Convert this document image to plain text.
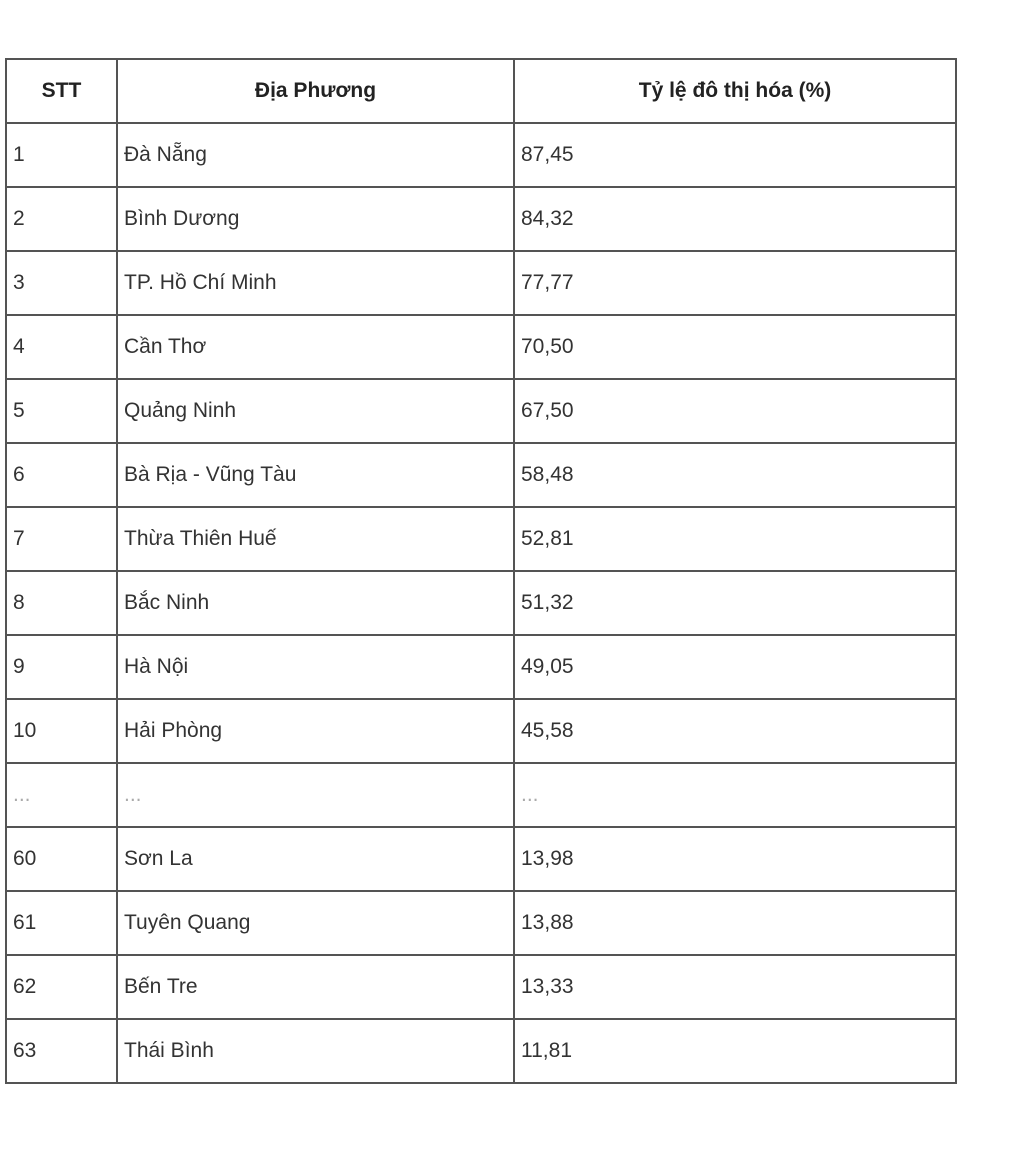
STT	Địa Phương	Tỷ lệ đô thị hóa (%)
1	Đà Nẵng	87,45
2	Bình Dương	84,32
3	TP. Hồ Chí Minh	77,77
4	Cần Thơ	70,50
5	Quảng Ninh	67,50
6	Bà Rịa - Vũng Tàu	58,48
7	Thừa Thiên Huế	52,81
8	Bắc Ninh	51,32
9	Hà Nội	49,05
10	Hải Phòng	45,58
...	...	...
60	Sơn La	13,98
61	Tuyên Quang	13,88
62	Bến Tre	13,33
63	Thái Bình	11,81
